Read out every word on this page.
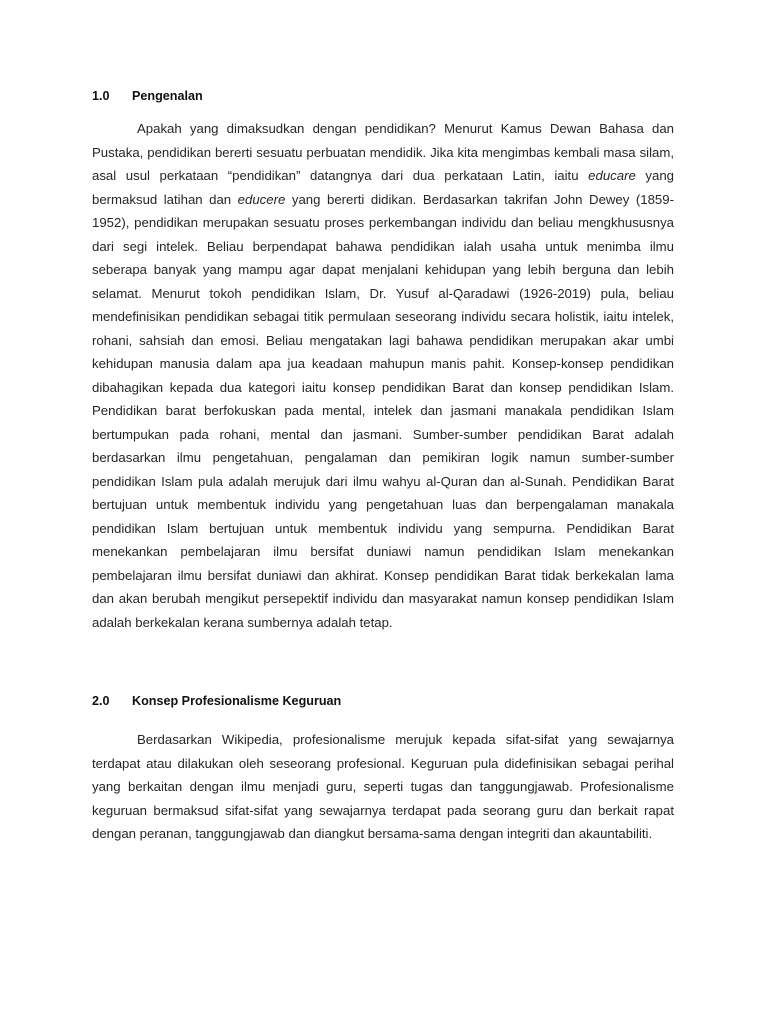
1.0	Pengenalan

Apakah yang dimaksudkan dengan pendidikan? Menurut Kamus Dewan Bahasa dan Pustaka, pendidikan bererti sesuatu perbuatan mendidik. Jika kita mengimbas kembali masa silam, asal usul perkataan “pendidikan” datangnya dari dua perkataan Latin, iaitu educare yang bermaksud latihan dan educere yang bererti didikan. Berdasarkan takrifan John Dewey (1859-1952), pendidikan merupakan sesuatu proses perkembangan individu dan beliau mengkhususnya dari segi intelek. Beliau berpendapat bahawa pendidikan ialah usaha untuk menimba ilmu seberapa banyak yang mampu agar dapat menjalani kehidupan yang lebih berguna dan lebih selamat. Menurut tokoh pendidikan Islam, Dr. Yusuf al-Qaradawi (1926-2019) pula, beliau mendefinisikan pendidikan sebagai titik permulaan seseorang individu secara holistik, iaitu intelek, rohani, sahsiah dan emosi. Beliau mengatakan lagi bahawa pendidikan merupakan akar umbi kehidupan manusia dalam apa jua keadaan mahupun manis pahit. Konsep-konsep pendidikan dibahagikan kepada dua kategori iaitu konsep pendidikan Barat dan konsep pendidikan Islam. Pendidikan barat berfokuskan pada mental, intelek dan jasmani manakala pendidikan Islam bertumpukan pada rohani, mental dan jasmani. Sumber-sumber pendidikan Barat adalah berdasarkan ilmu pengetahuan, pengalaman dan pemikiran logik namun sumber-sumber pendidikan Islam pula adalah merujuk dari ilmu wahyu al-Quran dan al-Sunah. Pendidikan Barat bertujuan untuk membentuk individu yang pengetahuan luas dan berpengalaman manakala pendidikan Islam bertujuan untuk membentuk individu yang sempurna. Pendidikan Barat menekankan pembelajaran ilmu bersifat duniawi namun pendidikan Islam menekankan pembelajaran ilmu bersifat duniawi dan akhirat. Konsep pendidikan Barat tidak berkekalan lama dan akan berubah mengikut persepektif individu dan masyarakat namun konsep pendidikan Islam adalah berkekalan kerana sumbernya adalah tetap.

2.0	Konsep Profesionalisme Keguruan

Berdasarkan Wikipedia, profesionalisme merujuk kepada sifat-sifat yang sewajarnya terdapat atau dilakukan oleh seseorang profesional. Keguruan pula didefinisikan sebagai perihal yang berkaitan dengan ilmu menjadi guru, seperti tugas dan tanggungjawab. Profesionalisme keguruan bermaksud sifat-sifat yang sewajarnya terdapat pada seorang guru dan berkait rapat dengan peranan, tanggungjawab dan diangkut bersama-sama dengan integriti dan akauntabiliti.
